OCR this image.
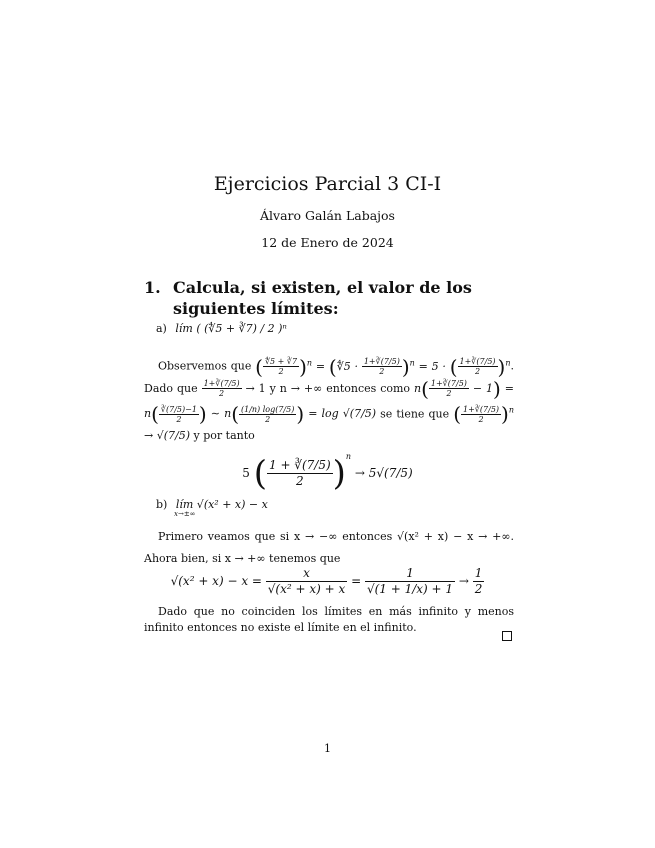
Ejercicios Parcial 3 CI-I
Álvaro Galán Labajos
12 de Enero de 2024
1. Calcula, si existen, el valor de los siguientes límites:
a) lím ( (∜5 + ∛7) / 2 )ⁿ
Observemos que ( $\frac{∜5 + ∛7}{2} )^n$ = (∜5 · $\frac{1+∛(7/5)}{2} )^n = 5$ · ( $\frac{1+∛(7/5)}{2} )^n$. Dado que $\frac{1+∛(7/5)}{2} \to 1$ y n → +∞ entonces como $n( \frac{1+∛(7/5)}{2} - 1) = n( \frac{∛(7/5)-1}{2}$ ) ∼ $n( \frac{(1/n) \log(7/5)}{2}$ ) = log √(7/5) se tiene que ( $\frac{1+∛(7/5)}{2} )^n \to √(7/5)$ y por tanto
5 ( $\frac{1 + ∛(7/5)}{2} )^n \to 5√(7/5)$
b) lím √(x² + x) − x
x→±∞
Primero veamos que si x → −∞ entonces √(x² + x) − x → +∞. Ahora bien, si x → +∞ tenemos que
$√(x^2 + x) - x = \frac{x}{\text{√(x² + x) + x}} = \frac{1}{√(1 + 1/x) + 1} \to \frac{1}{2}$
Dado que no coinciden los límites en más infinito y menos infinito entonces no existe el límite en el infinito.
1
